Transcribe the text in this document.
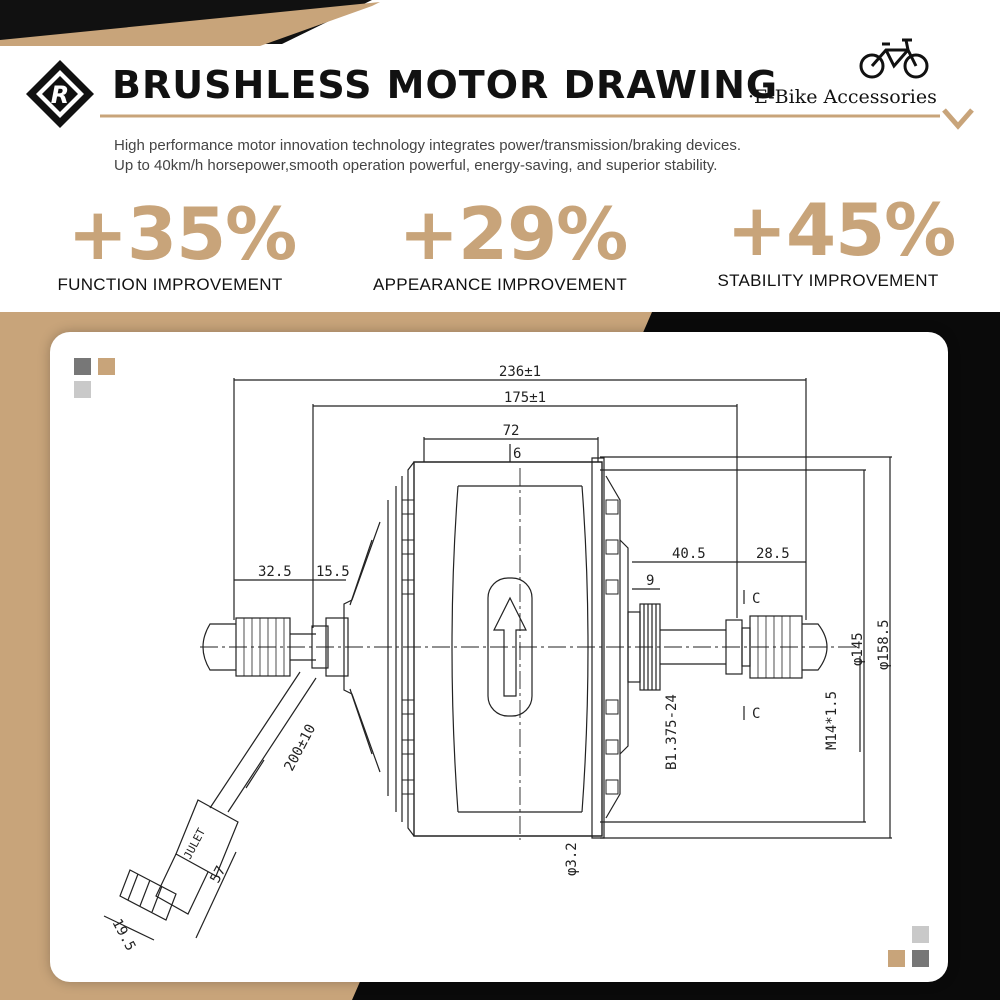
R BRUSHLESS MOTOR DRAWING
·E-Bike Accessories
High performance motor innovation technology integrates power/transmission/braking devices.
Up to 40km/h horsepower,smooth operation powerful, energy-saving, and superior stability.
+35%
FUNCTION IMPROVEMENT
+29%
APPEARANCE IMPROVEMENT
+45%
STABILITY IMPROVEMENT
236±1
175±1
72
6
32.5 15.5
40.5	28.5
9
C
C
B1.375-24	M14*1.5
φ145 φ158.5
φ3.2
200±10
57
19.5
JULET
